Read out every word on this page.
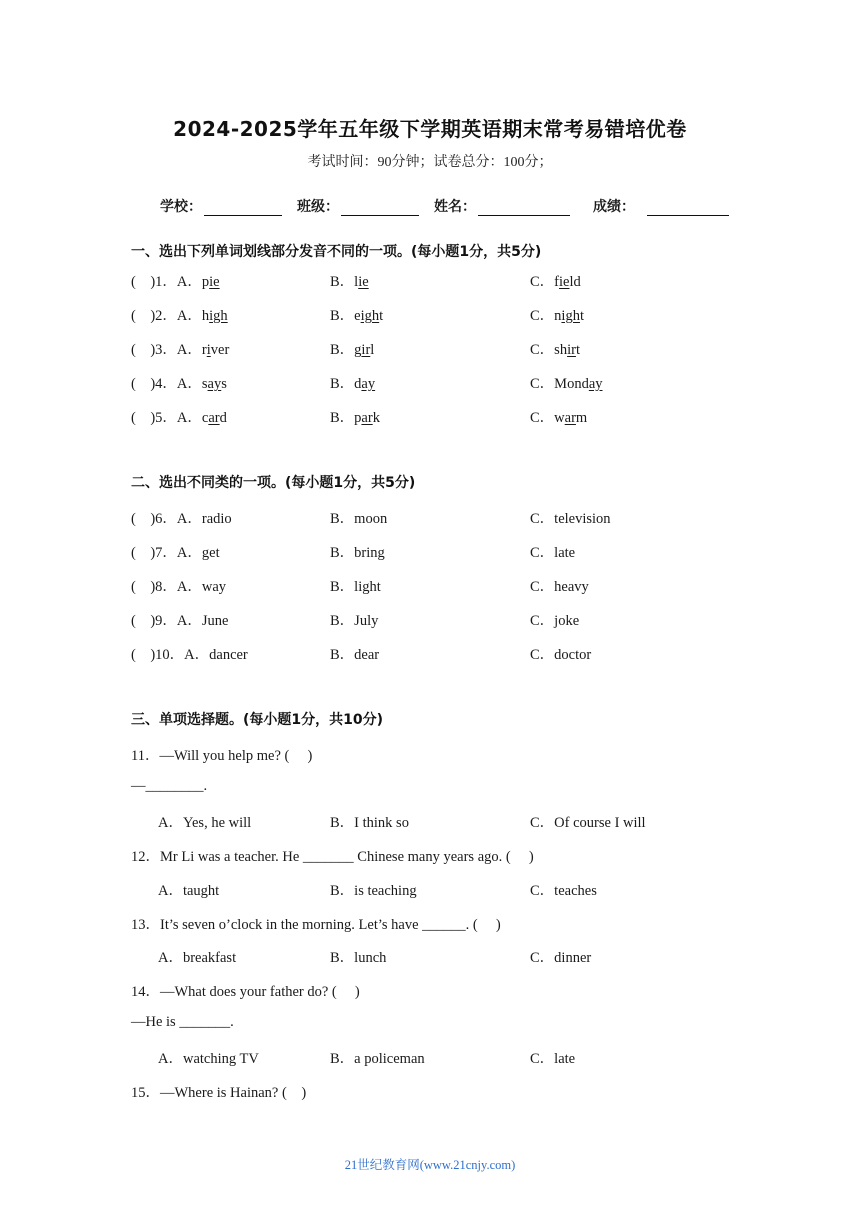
2024-2025学年五年级下学期英语期末常考易错培优卷
考试时间：90分钟；试卷总分：100分；
学校：	班级：	姓名：	成绩：
一、选出下列单词划线部分发音不同的一项。(每小题1分，共5分)
(    )1．A．pie	B．lie	C．field
(    )2．A．high	B．eight	C．night
(    )3．A．river	B．girl	C．shirt
(    )4．A．says	B．day	C．Monday
(    )5．A．card	B．park	C．warm
二、选出不同类的一项。(每小题1分，共5分)
(    )6．A．radio	B．moon	C．television
(    )7．A．get	B．bring	C．late
(    )8．A．way	B．light	C．heavy
(    )9．A．June	B．July	C．joke
(    )10．A．dancer	B．dear	C．doctor
三、单项选择题。(每小题1分，共10分)
11．—Will you help me? (     )
—________.
A．Yes, he will	B．I think so	C．Of course I will
12．Mr Li was a teacher. He _______ Chinese many years ago. (     )
A．taught	B．is teaching	C．teaches
13．It’s seven o’clock in the morning. Let’s have ______. (     )
A．breakfast	B．lunch	C．dinner
14．—What does your father do? (     )
—He is _______.
A．watching TV	B．a policeman	C．late
15．—Where is Hainan? (    )
21世纪教育网(www.21cnjy.com)
